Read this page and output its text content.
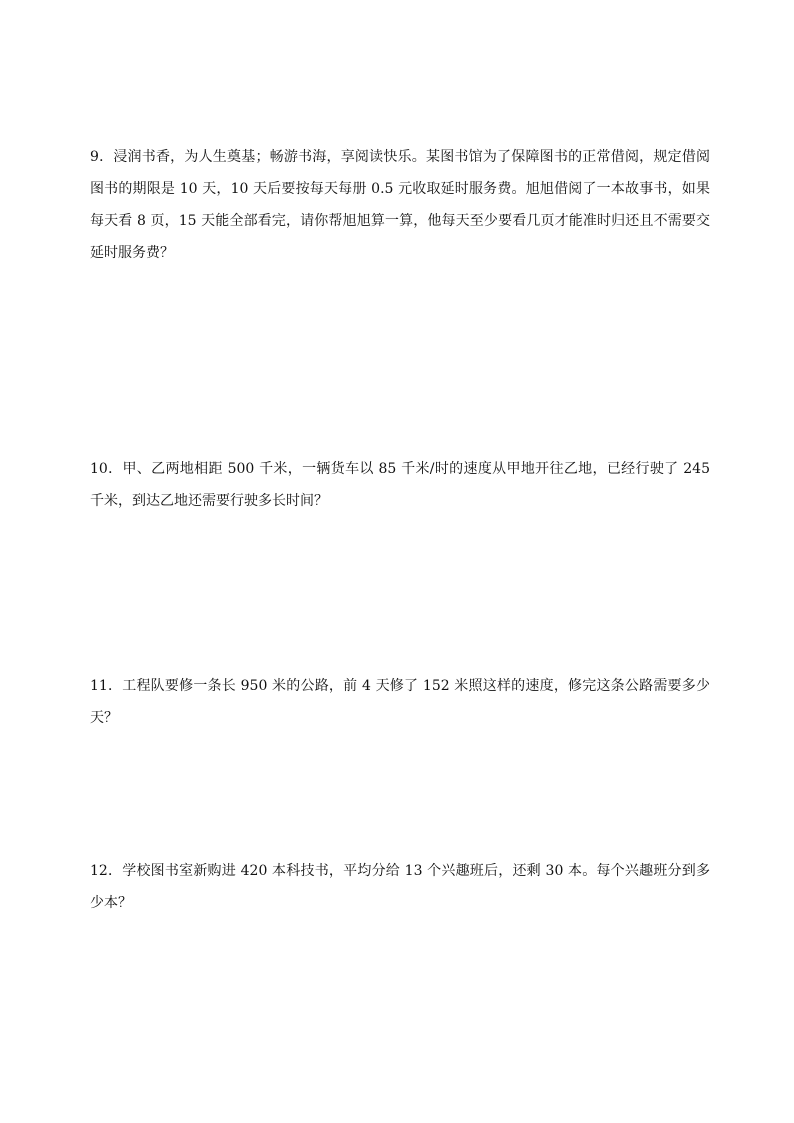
9．浸润书香，为人生奠基；畅游书海，享阅读快乐。某图书馆为了保障图书的正常借阅，规定借阅图书的期限是 10 天，10 天后要按每天每册 0.5 元收取延时服务费。旭旭借阅了一本故事书，如果每天看 8 页，15 天能全部看完，请你帮旭旭算一算，他每天至少要看几页才能准时归还且不需要交延时服务费？

10．甲、乙两地相距 500 千米，一辆货车以 85 千米/时的速度从甲地开往乙地，已经行驶了 245 千米，到达乙地还需要行驶多长时间？

11．工程队要修一条长 950 米的公路，前 4 天修了 152 米照这样的速度，修完这条公路需要多少天？

12．学校图书室新购进 420 本科技书，平均分给 13 个兴趣班后，还剩 30 本。每个兴趣班分到多少本？
